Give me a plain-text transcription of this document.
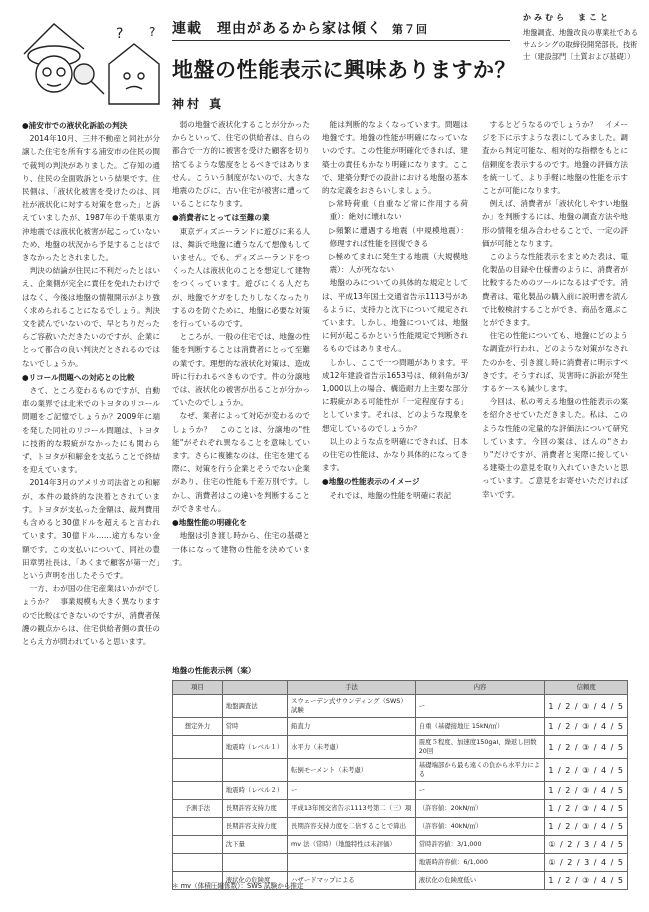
? ? 連載　理由があるから家は傾く 第７回
地盤の性能表示に興味ありますか？
神村 真
かみむら　まこと
地盤調査、地盤改良の専業社であるサムシングの取締役開発部長。技術士（建設部門〔土質および基礎〕）
●浦安市での液状化訴訟の判決

2014年10月、三井不動産と同社が分譲した住宅を所有する浦安市の住民の間で裁判の判決がありました。ご存知の通り、住民の全面敗訴という結果です。住民側は、「液状化被害を受けたのは、同社が液状化に対する対策を怠った」と訴えていましたが、1987年の千葉県東方沖地震では液状化被害が起こっていないため、地盤の状況から予見することはできなかったとされました。

判決の結論が住民に不利だったとはいえ、企業側が完全に責任を免れたわけではなく、今後は地盤の情報開示がより強く求められることになるでしょう。判決文を読んでいないので、早とちりだったらご容赦いただきたいのですが、企業にとって都合の良い判決だとされるのではないでしょうか。

●リコール問題への対応との比較

さて、ところ変わるものですが、自動車の業界では北米でのトヨタのリコール問題をご記憶でしょうか？2009年に端を発した同社のリコール問題は、トヨタに技術的な瑕疵がなかったにも関わらず、トヨタが和解金を支払うことで終結を迎えています。

2014年3月のアメリカ司法省との和解が、本件の最終的な決着とされています。トヨタが支払った金額は、裁判費用も含めると30億ドルを超えると言われています。30億ドル……途方もない金額です。この支払いについて、同社の豊田章男社長は、「あくまで顧客が第一だ」という声明を出したそうです。

一方、わが国の住宅産業はいかがでしょうか？　事業規模も大きく異なりますので比較はできないのですが、消費者保護の観点からは、住宅供給者側の責任のとらえ方が問われていると思います。

弱の地盤で液状化することが分かったからといって、住宅の供給者は、自らの都合で一方的に被害を受けた顧客を切り捨てるような態度をとるべきではありません。こういう制度がないので、大きな地震のたびに、古い住宅が被害に遭っていることになります。

●消費者にとっては至難の業

東京ディズニーランドに遊びに来る人は、舞浜で地盤に遭うなんて想像もしていません。でも、ディズニーランドをつくった人は液状化のことを想定して建物をつくっています。遊びにくる人だちが、地盤でケガをしたりしなくなったりするのを防ぐために、地盤に必要な対策を行っているのです。

ところが、一般の住宅では、地盤の性能を判断することは消費者にとって至難の業です。理想的な液状化対策は、造成時に行われるべきものです。件の分譲地では、液状化の被害が出ることが分かっていたのでしょうか。

なぜ、業者によって対応が変わるのでしょうか？　このことは、分譲地の"性能"がそれぞれ異なることを意味しています。さらに複雑なのは、住宅を建てる際に、対策を行う企業とそうでない企業があり、住宅の性能も千差万別です。しかし、消費者はこの違いを判断することができません。

●地盤性能の明確化を

地盤は引き渡し時から、住宅の基礎と一体になって建物の性能を決めています。

能は判断的なよくなっています。問題は地盤です。地盤の性能が明確になっていないのです。この性能が明確化できれば、建築士の責任もかなり明確になります。ここで、建築分野での設計における地盤の基本的な定義をおさらいしましょう。

▷常時荷重（自重など常に作用する荷重）：絶対に壊れない

▷頻繁に遭遇する地震（中規模地震）：修理すれば性能を回復できる

▷極めてまれに発生する地震（大規模地震）：人が死なない

地盤のみについての具体的な規定としては、平成13年国土交通省告示1113号があるように、支持力と沈下について規定されています。しかし、地盤については、地盤に何が起こるかという性能規定で判断されるものではありません。

しかし、ここで一つ問題があります。平成12年建設省告示1653号は、傾斜角が3/1,000以上の場合、構造耐力上主要な部分に瑕疵がある可能性が「一定程度存する」としています。それは、どのような現象を想定しているのでしょうか？

以上のような点を明確にできれば、日本の住宅の性能は、かなり具体的になってきます。

●地盤の性能表示のイメージ

それでは、地盤の性能を明確に表記

するとどうなるのでしょうか？　イメージを下に示すような表にしてみました。調査から判定可能な、相対的な指標をもとに信頼度を表示するのです。地盤の評価方法を統一して、より手軽に地盤の性能を示すことが可能になります。

例えば、消費者が「液状化しやすい地盤か」を判断するには、地盤の調査方法や地形の情報を組み合わせることで、一定の評価が可能となります。

このような性能表示をまとめた表は、電化製品の目録や仕様書のように、消費者が比較するためのツールになるはずです。消費者は、電化製品の購入前に説明書を読んで比較検討することができ、商品を選ぶことができます。

住宅の性能についても、地盤にどのような調査が行われ、どのような対策がなされたのかを、引き渡し時に消費者に明示すべきです。そうすれば、災害時に訴訟が発生するケースも減少します。

今回は、私の考える地盤の性能表示の案を紹介させていただきました。私は、このような性能の定量的な評価法について研究しています。今回の案は、ほんの"さわり"だけですが、消費者と実際に接している建築士の意見を取り入れていきたいと思っています。ご意見をお寄せいただければ幸いです。

地盤の性能表示例（案）
項目		手法	内容	信頼度
	地盤調査法	スウェーデン式サウンディング（SWS）試験	ー	1 / 2 / ③ / 4 / 5
想定外力	常時	鉛直力	自重（基礎接地圧 15kN/㎡）	1 / 2 / ③ / 4 / 5
	地震時（レベル１）	水平力（未考慮）	震度５程度、加速度150gal、繰返し回数20回	1 / 2 / ③ / 4 / 5
		転倒モーメント（未考慮）	基礎端部から最も遠くの負から水平力による	1 / 2 / ③ / 4 / 5
	地震時（レベル２）	ー	ー	1 / 2 / ③ / 4 / 5
予測手法	長期許容支持力度	平成13年国交省告示1113号第二（三）項	（許容値：20kN/㎡）	1 / 2 / ③ / 4 / 5
	長期許容支持力度	長期許容支持力度を二倍することで算出	（許容値：40kN/㎡）	1 / 2 / ③ / 4 / 5
	沈下量	mv 法（常時）（地盤特性は未評価）	常時許容値：3/1,000	① / 2 / 3 / 4 / 5
			地震時許容値：6/1,000	① / 2 / 3 / 4 / 5
	液状化の危険度	ハザードマップによる	液状化の危険度低い	1 / 2 / ③ / 4 / 5
＊ mv（体積圧縮係数）：SWS 試験から推定
